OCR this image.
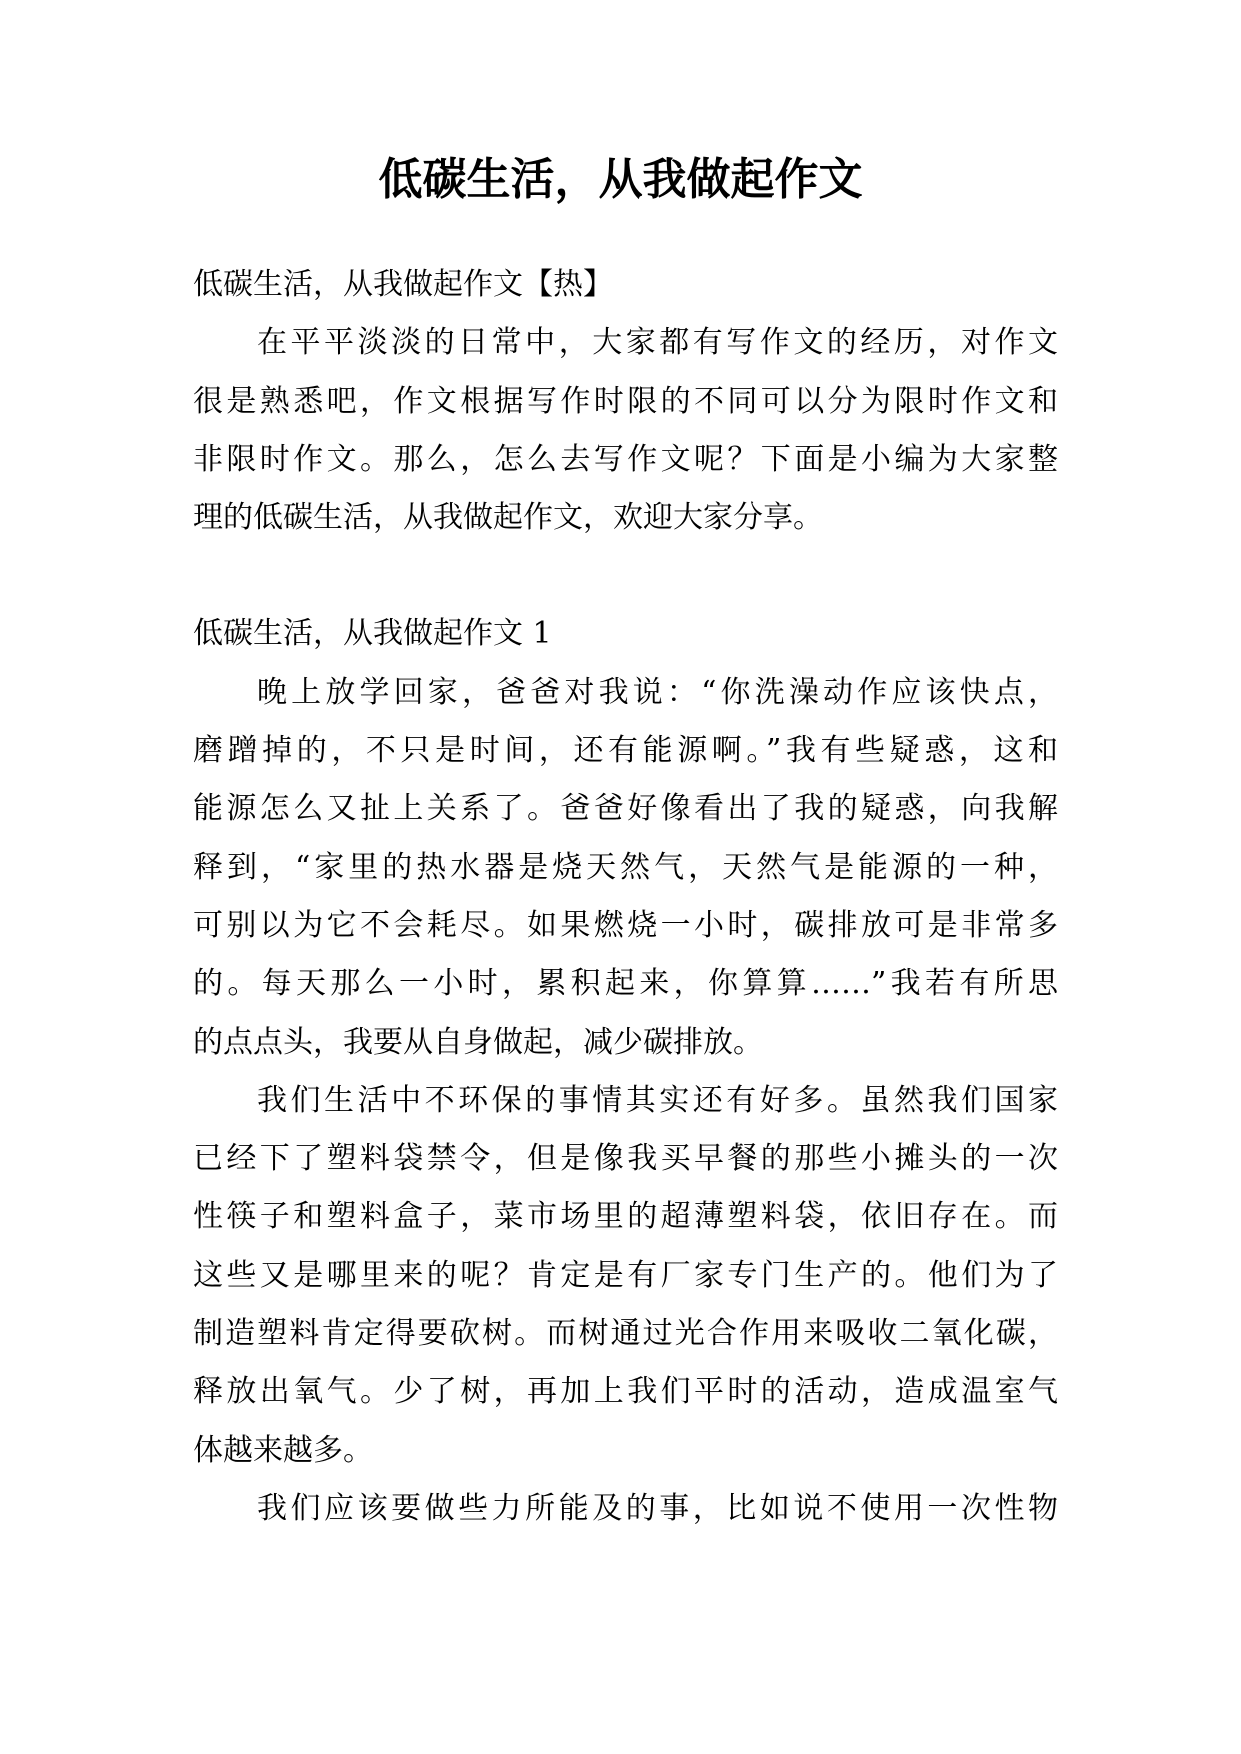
低碳生活，从我做起作文

低碳生活，从我做起作文【热】

在平平淡淡的日常中，大家都有写作文的经历，对作文

很是熟悉吧，作文根据写作时限的不同可以分为限时作文和

非限时作文。那么，怎么去写作文呢？下面是小编为大家整

理的低碳生活，从我做起作文，欢迎大家分享。

低碳生活，从我做起作文 1

晚上放学回家，爸爸对我说：“你洗澡动作应该快点，

磨蹭掉的，不只是时间，还有能源啊。”我有些疑惑，这和

能源怎么又扯上关系了。爸爸好像看出了我的疑惑，向我解

释到，“家里的热水器是烧天然气，天然气是能源的一种，

可别以为它不会耗尽。如果燃烧一小时，碳排放可是非常多

的。每天那么一小时，累积起来，你算算……”我若有所思

的点点头，我要从自身做起，减少碳排放。

我们生活中不环保的事情其实还有好多。虽然我们国家

已经下了塑料袋禁令，但是像我买早餐的那些小摊头的一次

性筷子和塑料盒子，菜市场里的超薄塑料袋，依旧存在。而

这些又是哪里来的呢？肯定是有厂家专门生产的。他们为了

制造塑料肯定得要砍树。而树通过光合作用来吸收二氧化碳，

释放出氧气。少了树，再加上我们平时的活动，造成温室气

体越来越多。

我们应该要做些力所能及的事，比如说不使用一次性物
